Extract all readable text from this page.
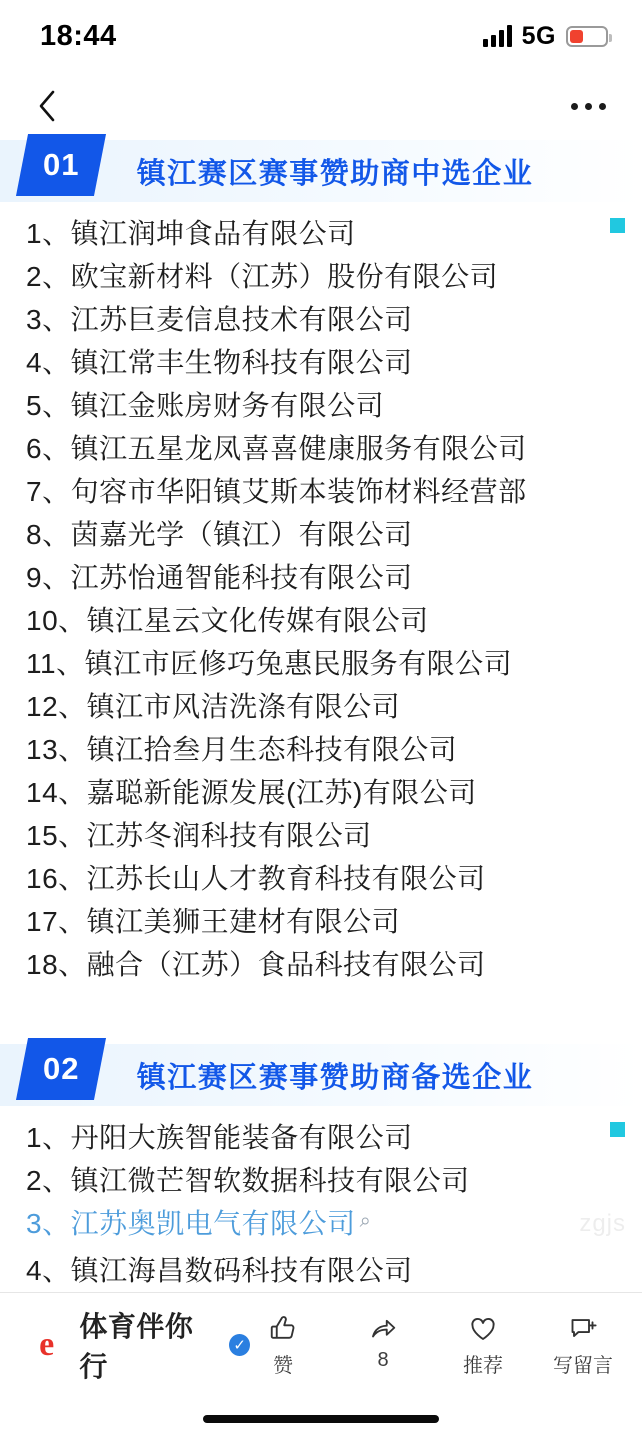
18:44	5G
01	镇江赛区赛事赞助商中选企业
1、镇江润坤食品有限公司
2、欧宝新材料（江苏）股份有限公司
3、江苏巨麦信息技术有限公司
4、镇江常丰生物科技有限公司
5、镇江金账房财务有限公司
6、镇江五星龙凤喜喜健康服务有限公司
7、句容市华阳镇艾斯本装饰材料经营部
8、茵嘉光学（镇江）有限公司
9、江苏怡通智能科技有限公司
10、镇江星云文化传媒有限公司
11、镇江市匠修巧兔惠民服务有限公司
12、镇江市风洁洗涤有限公司
13、镇江拾叁月生态科技有限公司
14、嘉聪新能源发展(江苏)有限公司
15、江苏冬润科技有限公司
16、江苏长山人才教育科技有限公司
17、镇江美狮王建材有限公司
18、融合（江苏）食品科技有限公司
02	镇江赛区赛事赞助商备选企业
1、丹阳大族智能装备有限公司
2、镇江微芒智软数据科技有限公司
3、江苏奥凯电气有限公司 ⌕
4、镇江海昌数码科技有限公司
zgjs
e 体育伴你行
✓
赞	8	推荐	写留言
